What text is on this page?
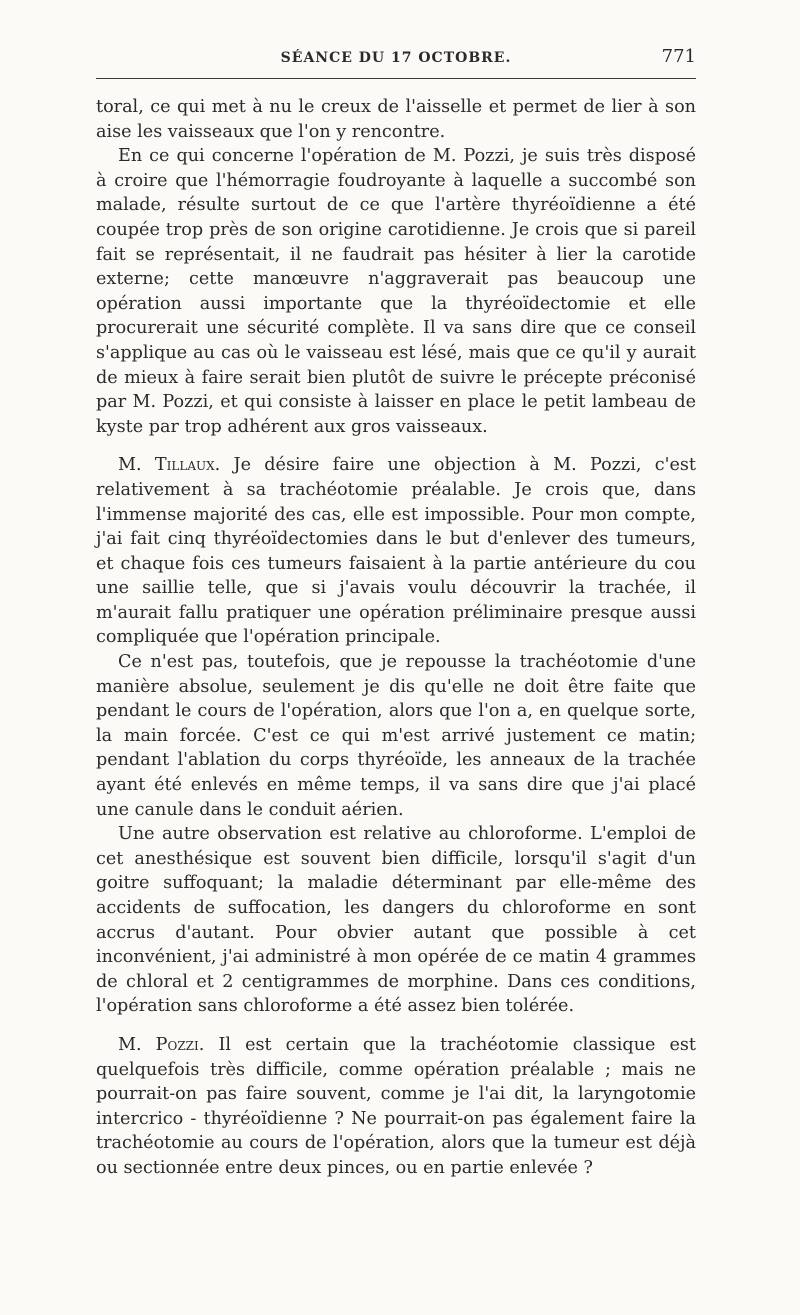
SÉANCE DU 17 OCTOBRE.	771

toral, ce qui met à nu le creux de l'aisselle et permet de lier à son aise les vaisseaux que l'on y rencontre.

En ce qui concerne l'opération de M. Pozzi, je suis très disposé à croire que l'hémorragie foudroyante à laquelle a succombé son malade, résulte surtout de ce que l'artère thyréoïdienne a été coupée trop près de son origine carotidienne. Je crois que si pareil fait se représentait, il ne faudrait pas hésiter à lier la carotide externe; cette manœuvre n'aggraverait pas beaucoup une opération aussi importante que la thyréoïdectomie et elle procurerait une sécurité complète. Il va sans dire que ce conseil s'applique au cas où le vaisseau est lésé, mais que ce qu'il y aurait de mieux à faire serait bien plutôt de suivre le précepte préconisé par M. Pozzi, et qui consiste à laisser en place le petit lambeau de kyste par trop adhérent aux gros vaisseaux.

M. Tillaux. Je désire faire une objection à M. Pozzi, c'est relativement à sa trachéotomie préalable. Je crois que, dans l'immense majorité des cas, elle est impossible. Pour mon compte, j'ai fait cinq thyréoïdectomies dans le but d'enlever des tumeurs, et chaque fois ces tumeurs faisaient à la partie antérieure du cou une saillie telle, que si j'avais voulu découvrir la trachée, il m'aurait fallu pratiquer une opération préliminaire presque aussi compliquée que l'opération principale.

Ce n'est pas, toutefois, que je repousse la trachéotomie d'une manière absolue, seulement je dis qu'elle ne doit être faite que pendant le cours de l'opération, alors que l'on a, en quelque sorte, la main forcée. C'est ce qui m'est arrivé justement ce matin; pendant l'ablation du corps thyréoïde, les anneaux de la trachée ayant été enlevés en même temps, il va sans dire que j'ai placé une canule dans le conduit aérien.

Une autre observation est relative au chloroforme. L'emploi de cet anesthésique est souvent bien difficile, lorsqu'il s'agit d'un goitre suffoquant; la maladie déterminant par elle-même des accidents de suffocation, les dangers du chloroforme en sont accrus d'autant. Pour obvier autant que possible à cet inconvénient, j'ai administré à mon opérée de ce matin 4 grammes de chloral et 2 centigrammes de morphine. Dans ces conditions, l'opération sans chloroforme a été assez bien tolérée.

M. Pozzi. Il est certain que la trachéotomie classique est quelquefois très difficile, comme opération préalable ; mais ne pourrait-on pas faire souvent, comme je l'ai dit, la laryngotomie intercrico - thyréoïdienne ? Ne pourrait-on pas également faire la trachéotomie au cours de l'opération, alors que la tumeur est déjà ou sectionnée entre deux pinces, ou en partie enlevée ?
